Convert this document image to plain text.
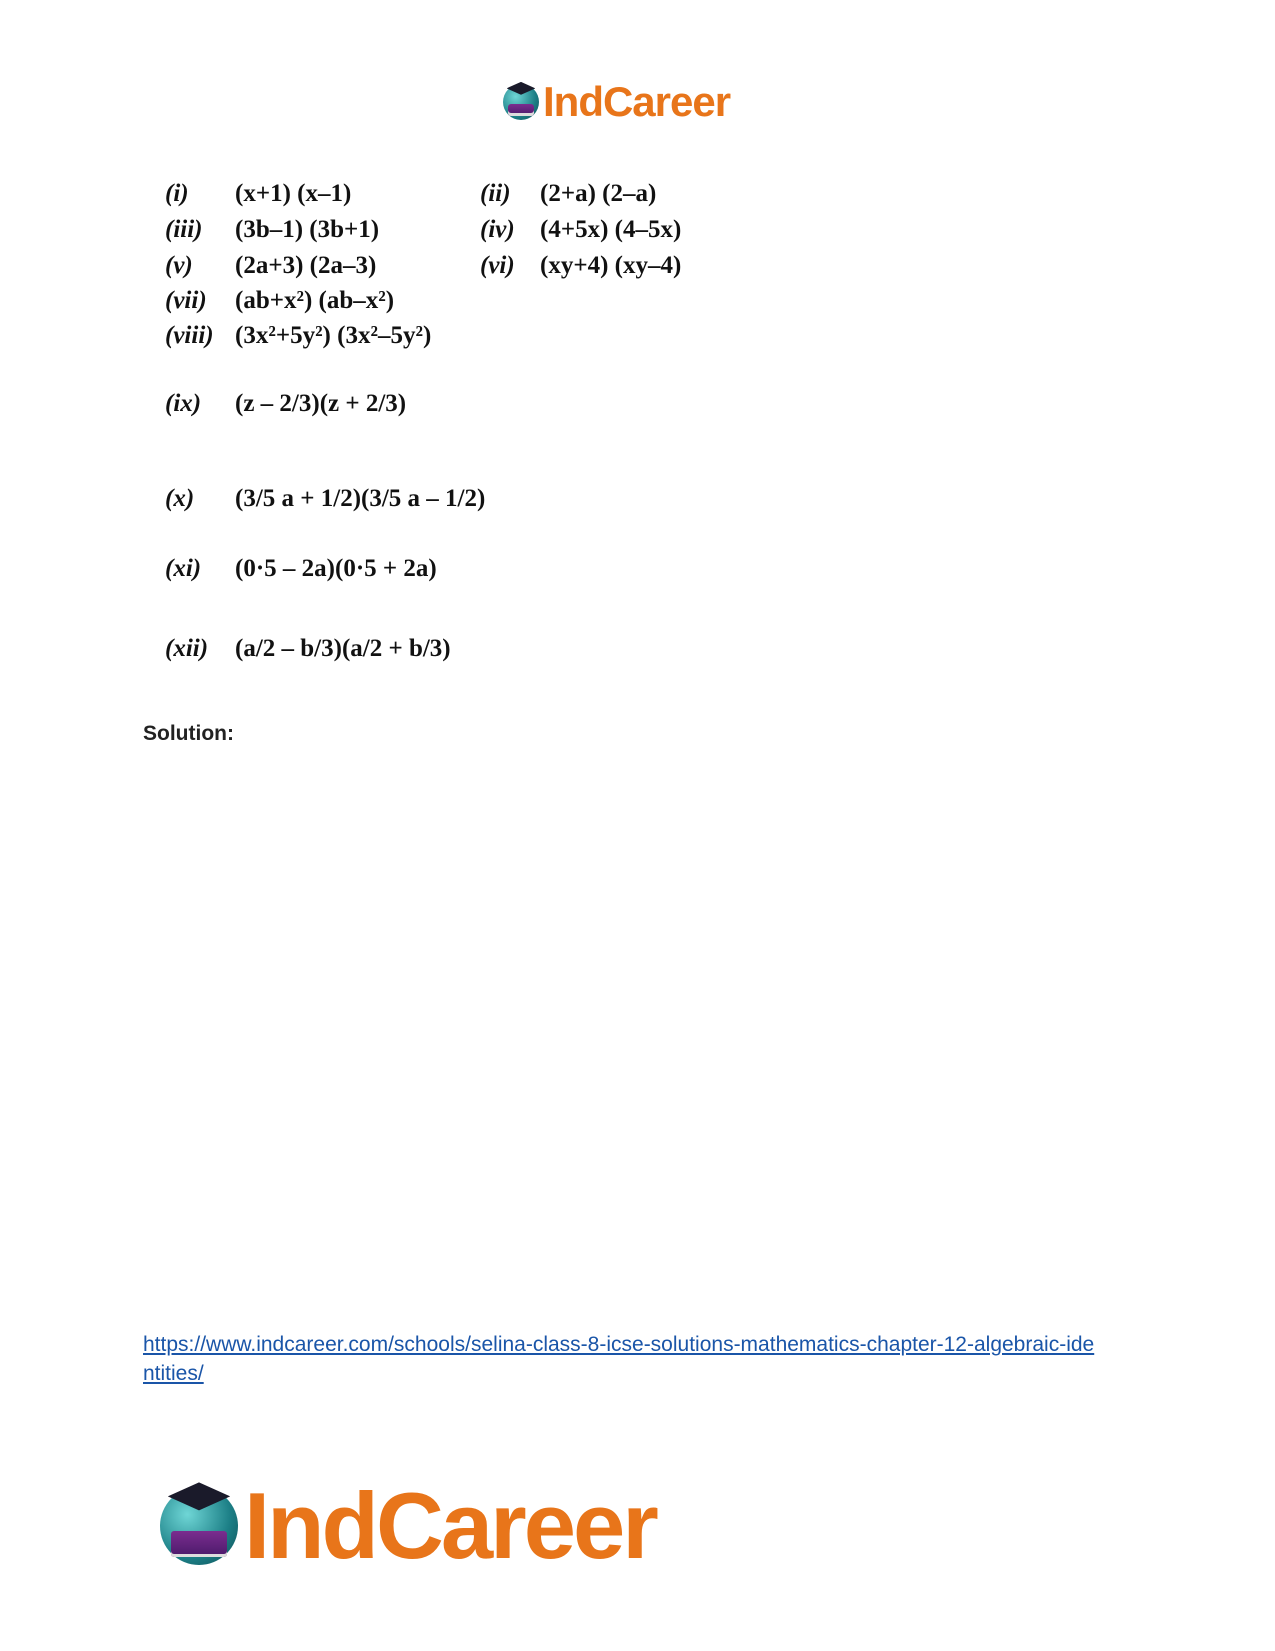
IndCareer
(i) (x+1) (x–1)	(ii) (2+a) (2–a)
(iii) (3b–1) (3b+1)	(iv) (4+5x) (4–5x)
(v) (2a+3) (2a–3)	(vi) (xy+4) (xy–4)
(vii) (ab+x²) (ab–x²)
(viii) (3x²+5y²) (3x²–5y²)
(ix) (z – 2/3)(z + 2/3)
(x) (3/5 a + 1/2)(3/5 a – 1/2)
(xi) (0·5 – 2a)(0·5 + 2a)
(xii) (a/2 – b/3)(a/2 + b/3)
Solution:
https://www.indcareer.com/schools/selina-class-8-icse-solutions-mathematics-chapter-12-algebraic-identities/
IndCareer
